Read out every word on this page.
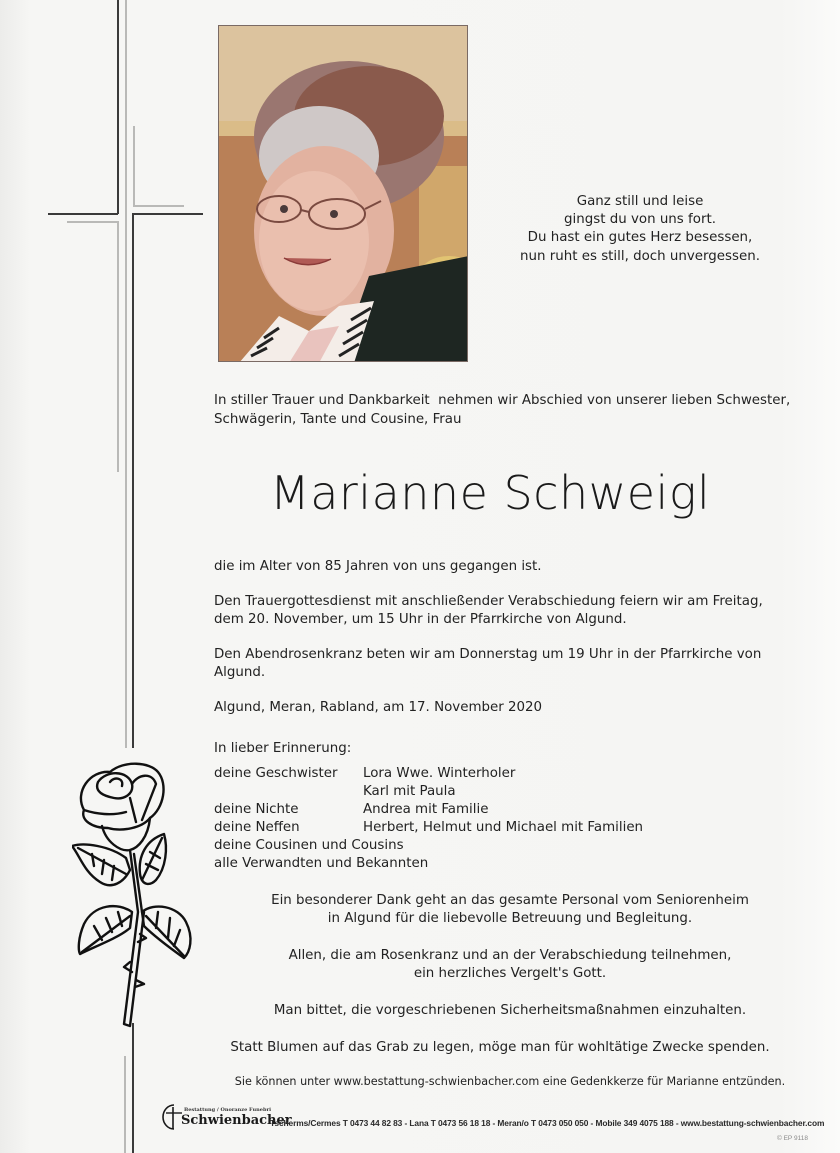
Ganz still und leise
gingst du von uns fort.
Du hast ein gutes Herz besessen,
nun ruht es still, doch unvergessen.
In stiller Trauer und Dankbarkeit  nehmen wir Abschied von unserer lieben Schwester,
Schwägerin, Tante und Cousine, Frau
Marianne Schweigl

die im Alter von 85 Jahren von uns gegangen ist.

Den Trauergottesdienst mit anschließender Verabschiedung feiern wir am Freitag,
dem 20. November, um 15 Uhr in der Pfarrkirche von Algund.

Den Abendrosenkranz beten wir am Donnerstag um 19 Uhr in der Pfarrkirche von
Algund.

Algund, Meran, Rabland, am 17. November 2020

In lieber Erinnerung:
deine Geschwister	Lora Wwe. Winterholer
Karl mit Paula
deine Nichte	Andrea mit Familie
deine Neffen	Herbert, Helmut und Michael mit Familien
deine Cousinen und Cousins
alle Verwandten und Bekannten
Ein besonderer Dank geht an das gesamte Personal vom Seniorenheim
in Algund für die liebevolle Betreuung und Begleitung.
Allen, die am Rosenkranz und an der Verabschiedung teilnehmen,
ein herzliches Vergelt's Gott.
Man bittet, die vorgeschriebenen Sicherheitsmaßnahmen einzuhalten.
Statt Blumen auf das Grab zu legen, möge man für wohltätige Zwecke spenden.
Sie können unter www.bestattung-schwienbacher.com eine Gedenkkerze für Marianne entzünden.
Bestattung / Onoranze Funebri
Schwienbacher
Tscherms/Cermes T 0473 44 82 83 - Lana T 0473 56 18 18 - Meran/o T 0473 050 050 - Mobile 349 4075 188 - www.bestattung-schwienbacher.com
© EP 9118
